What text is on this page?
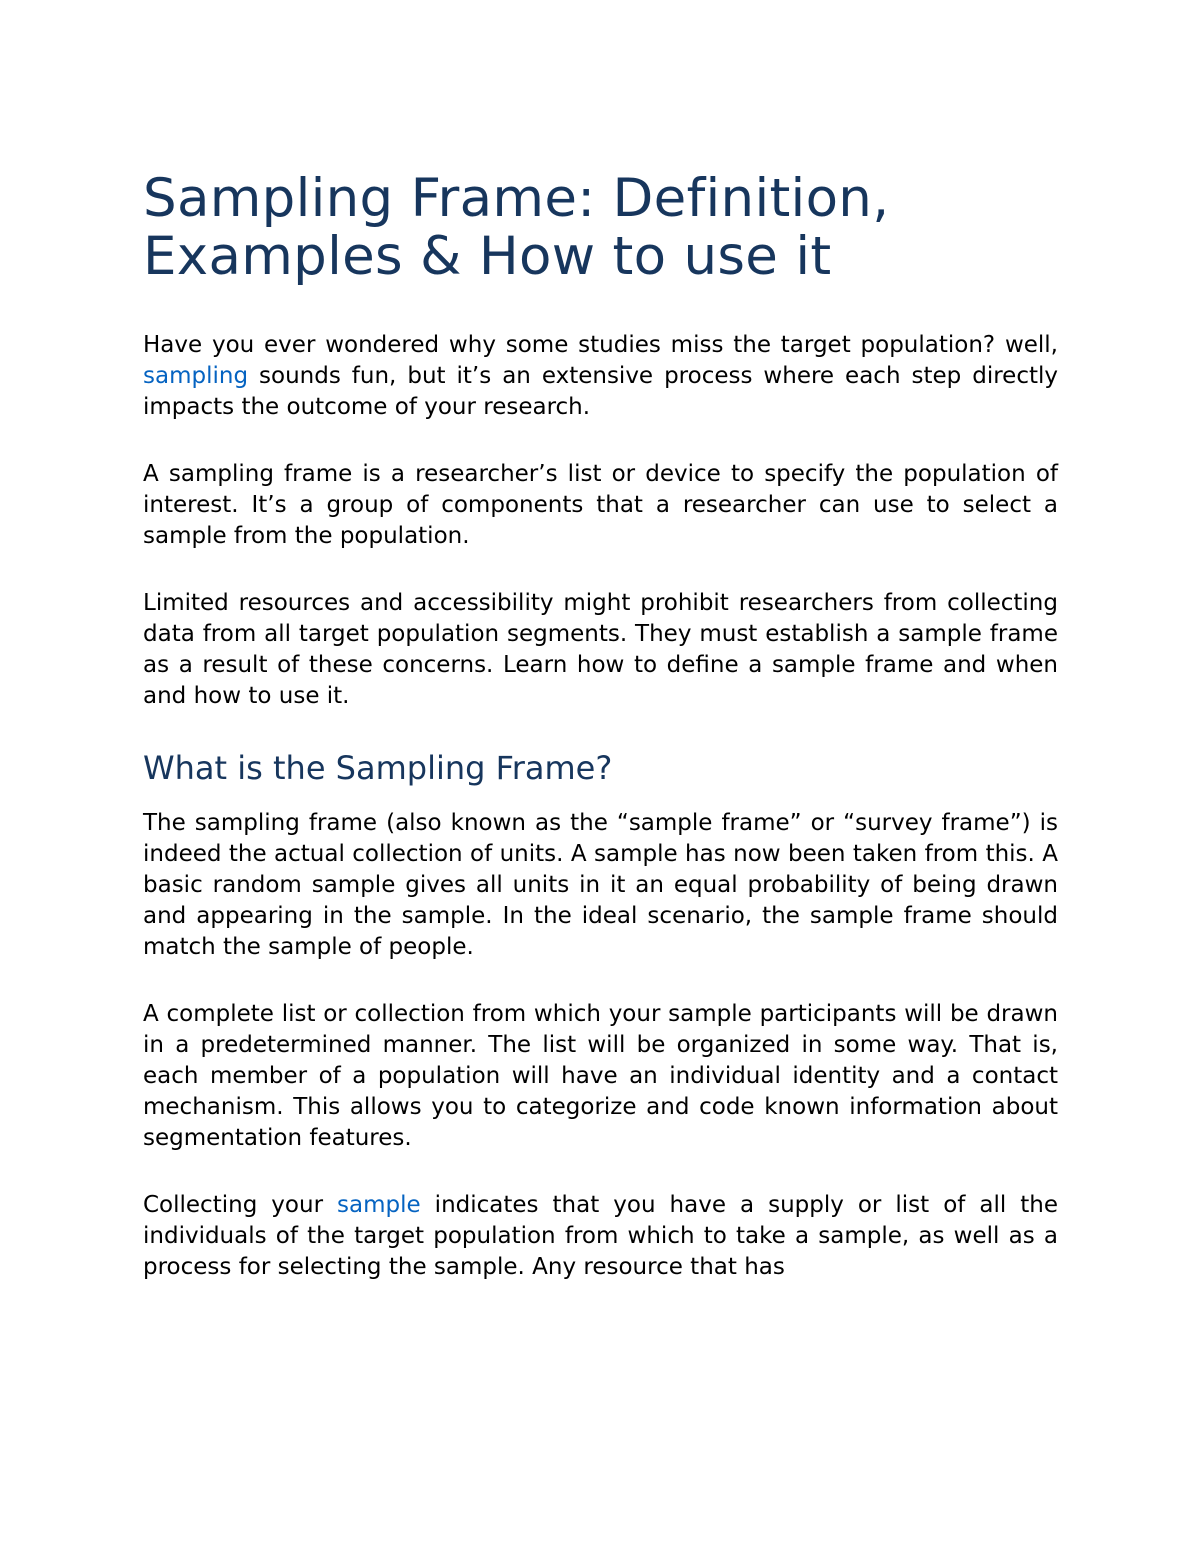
Sampling Frame: Definition, Examples & How to use it

Have you ever wondered why some studies miss the target population? well, sampling sounds fun, but it’s an extensive process where each step directly impacts the outcome of your research.

A sampling frame is a researcher’s list or device to specify the population of interest. It’s a group of components that a researcher can use to select a sample from the population.

Limited resources and accessibility might prohibit researchers from collecting data from all target population segments. They must establish a sample frame as a result of these concerns. Learn how to define a sample frame and when and how to use it.

What is the Sampling Frame?

The sampling frame (also known as the “sample frame” or “survey frame”) is indeed the actual collection of units. A sample has now been taken from this. A basic random sample gives all units in it an equal probability of being drawn and appearing in the sample. In the ideal scenario, the sample frame should match the sample of people.

A complete list or collection from which your sample participants will be drawn in a predetermined manner. The list will be organized in some way. That is, each member of a population will have an individual identity and a contact mechanism. This allows you to categorize and code known information about segmentation features.

Collecting your sample indicates that you have a supply or list of all the individuals of the target population from which to take a sample, as well as a process for selecting the sample. Any resource that has
